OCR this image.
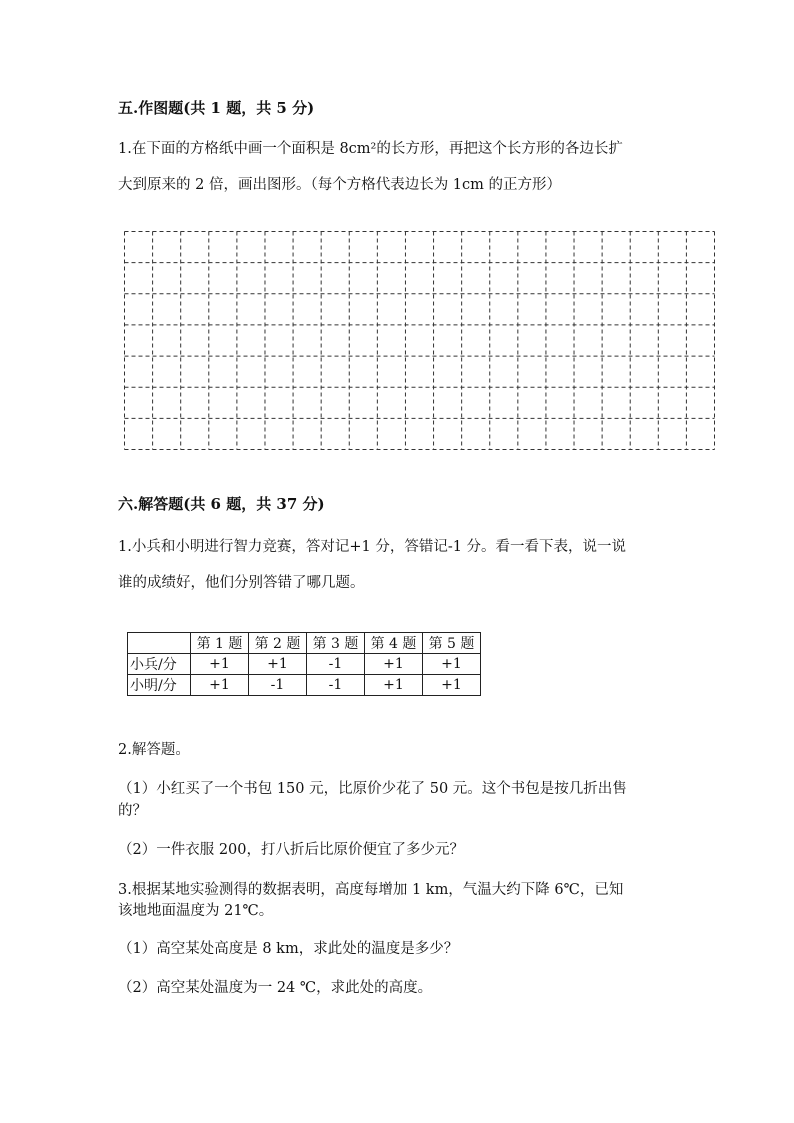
五.作图题(共 1 题，共 5 分)
1.在下面的方格纸中画一个面积是 8cm²的长方形，再把这个长方形的各边长扩
大到原来的 2 倍，画出图形。（每个方格代表边长为 1cm 的正方形）
六.解答题(共 6 题，共 37 分)
1.小兵和小明进行智力竞赛，答对记+1 分，答错记-1 分。看一看下表，说一说
谁的成绩好，他们分别答错了哪几题。
	第 1 题	第 2 题	第 3 题	第 4 题	第 5 题
小兵/分	+1	+1	-1	+1	+1
小明/分	+1	-1	-1	+1	+1
2.解答题。
（1）小红买了一个书包 150 元，比原价少花了 50 元。这个书包是按几折出售
的？
（2）一件衣服 200，打八折后比原价便宜了多少元？
3.根据某地实验测得的数据表明，高度每增加 1 km，气温大约下降 6℃，已知
该地地面温度为 21℃。
（1）高空某处高度是 8 km，求此处的温度是多少？
（2）高空某处温度为一 24 ℃，求此处的高度。
